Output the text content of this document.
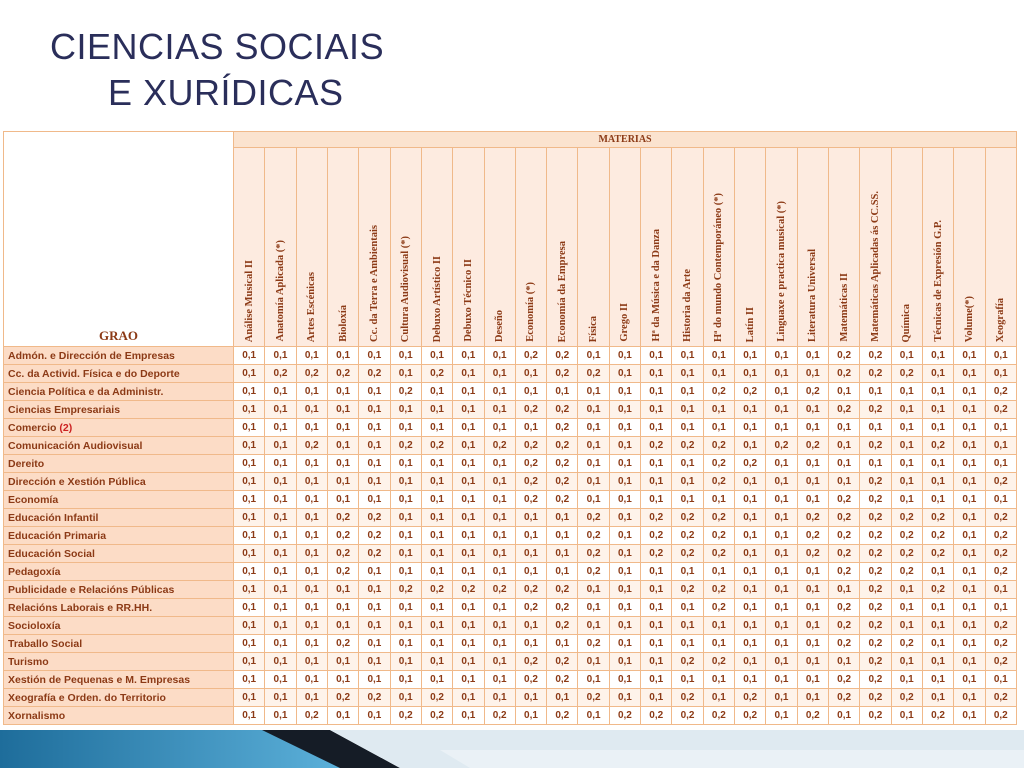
CIENCIAS SOCIAIS
E XURÍDICAS
GRAO	MATERIAS																								

	Análise Musical II	Anatomía Aplicada (*)	Artes Escénicas	Bioloxía	Cc. da Terra e Ambientais	Cultura Audiovisual (*)	Debuxo Artístico II	Debuxo Técnico II	Deseño	Economía (*)	Economía da Empresa	Física	Grego II	Hª da Música e da Danza	Historia da Arte	Hª do mundo Contemporáneo (*)	Latín II	Linguaxe e practica musical (*)	Literatura Universal	Matemáticas II	Matemáticas Aplicadas ás CC.SS.	Química	Técnicas de Expresión G.P.	Volume(*)	Xeografía

Admón. e Dirección de Empresas	0,1	0,1	0,1	0,1	0,1	0,1	0,1	0,1	0,1	0,2	0,2	0,1	0,1	0,1	0,1	0,1	0,1	0,1	0,1	0,2	0,2	0,1	0,1	0,1	0,1
Cc. da Activid. Física e do Deporte	0,1	0,2	0,2	0,2	0,2	0,1	0,2	0,1	0,1	0,1	0,2	0,2	0,1	0,1	0,1	0,1	0,1	0,1	0,1	0,2	0,2	0,2	0,1	0,1	0,1
Ciencia Política e da Administr.	0,1	0,1	0,1	0,1	0,1	0,2	0,1	0,1	0,1	0,1	0,1	0,1	0,1	0,1	0,1	0,2	0,2	0,1	0,2	0,1	0,1	0,1	0,1	0,1	0,2
Ciencias Empresariais	0,1	0,1	0,1	0,1	0,1	0,1	0,1	0,1	0,1	0,2	0,2	0,1	0,1	0,1	0,1	0,1	0,1	0,1	0,1	0,2	0,2	0,1	0,1	0,1	0,2
Comercio (2)	0,1	0,1	0,1	0,1	0,1	0,1	0,1	0,1	0,1	0,1	0,2	0,1	0,1	0,1	0,1	0,1	0,1	0,1	0,1	0,1	0,1	0,1	0,1	0,1	0,1
Comunicación Audiovisual	0,1	0,1	0,2	0,1	0,1	0,2	0,2	0,1	0,2	0,2	0,2	0,1	0,1	0,2	0,2	0,2	0,1	0,2	0,2	0,1	0,2	0,1	0,2	0,1	0,1
Dereito	0,1	0,1	0,1	0,1	0,1	0,1	0,1	0,1	0,1	0,2	0,2	0,1	0,1	0,1	0,1	0,2	0,2	0,1	0,1	0,1	0,1	0,1	0,1	0,1	0,1
Dirección e Xestión Pública	0,1	0,1	0,1	0,1	0,1	0,1	0,1	0,1	0,1	0,2	0,2	0,1	0,1	0,1	0,1	0,2	0,1	0,1	0,1	0,1	0,2	0,1	0,1	0,1	0,2
Economía	0,1	0,1	0,1	0,1	0,1	0,1	0,1	0,1	0,1	0,2	0,2	0,1	0,1	0,1	0,1	0,1	0,1	0,1	0,1	0,2	0,2	0,1	0,1	0,1	0,1
Educación Infantil	0,1	0,1	0,1	0,2	0,2	0,1	0,1	0,1	0,1	0,1	0,1	0,2	0,1	0,2	0,2	0,2	0,1	0,1	0,2	0,2	0,2	0,2	0,2	0,1	0,2
Educación Primaria	0,1	0,1	0,1	0,2	0,2	0,1	0,1	0,1	0,1	0,1	0,1	0,2	0,1	0,2	0,2	0,2	0,1	0,1	0,2	0,2	0,2	0,2	0,2	0,1	0,2
Educación Social	0,1	0,1	0,1	0,2	0,2	0,1	0,1	0,1	0,1	0,1	0,1	0,2	0,1	0,2	0,2	0,2	0,1	0,1	0,2	0,2	0,2	0,2	0,2	0,1	0,2
Pedagoxía	0,1	0,1	0,1	0,2	0,1	0,1	0,1	0,1	0,1	0,1	0,1	0,2	0,1	0,1	0,1	0,1	0,1	0,1	0,1	0,2	0,2	0,2	0,1	0,1	0,2
Publicidade e Relacións Públicas	0,1	0,1	0,1	0,1	0,1	0,2	0,2	0,2	0,2	0,2	0,2	0,1	0,1	0,1	0,2	0,2	0,1	0,1	0,1	0,1	0,2	0,1	0,2	0,1	0,1
Relacións Laborais e RR.HH.	0,1	0,1	0,1	0,1	0,1	0,1	0,1	0,1	0,1	0,2	0,2	0,1	0,1	0,1	0,1	0,2	0,1	0,1	0,1	0,2	0,2	0,1	0,1	0,1	0,1
Socioloxía	0,1	0,1	0,1	0,1	0,1	0,1	0,1	0,1	0,1	0,1	0,2	0,1	0,1	0,1	0,1	0,1	0,1	0,1	0,1	0,2	0,2	0,1	0,1	0,1	0,2
Traballo Social	0,1	0,1	0,1	0,2	0,1	0,1	0,1	0,1	0,1	0,1	0,1	0,2	0,1	0,1	0,1	0,1	0,1	0,1	0,1	0,2	0,2	0,2	0,1	0,1	0,2
Turismo	0,1	0,1	0,1	0,1	0,1	0,1	0,1	0,1	0,1	0,2	0,2	0,1	0,1	0,1	0,2	0,2	0,1	0,1	0,1	0,1	0,2	0,1	0,1	0,1	0,2
Xestión de Pequenas e M. Empresas	0,1	0,1	0,1	0,1	0,1	0,1	0,1	0,1	0,1	0,2	0,2	0,1	0,1	0,1	0,1	0,1	0,1	0,1	0,1	0,2	0,2	0,1	0,1	0,1	0,1
Xeografía e Orden. do Territorio	0,1	0,1	0,1	0,2	0,2	0,1	0,2	0,1	0,1	0,1	0,1	0,2	0,1	0,1	0,2	0,1	0,2	0,1	0,1	0,2	0,2	0,2	0,1	0,1	0,2
Xornalismo	0,1	0,1	0,2	0,1	0,1	0,2	0,2	0,1	0,2	0,1	0,2	0,1	0,2	0,2	0,2	0,2	0,2	0,1	0,2	0,1	0,2	0,1	0,2	0,1	0,2
